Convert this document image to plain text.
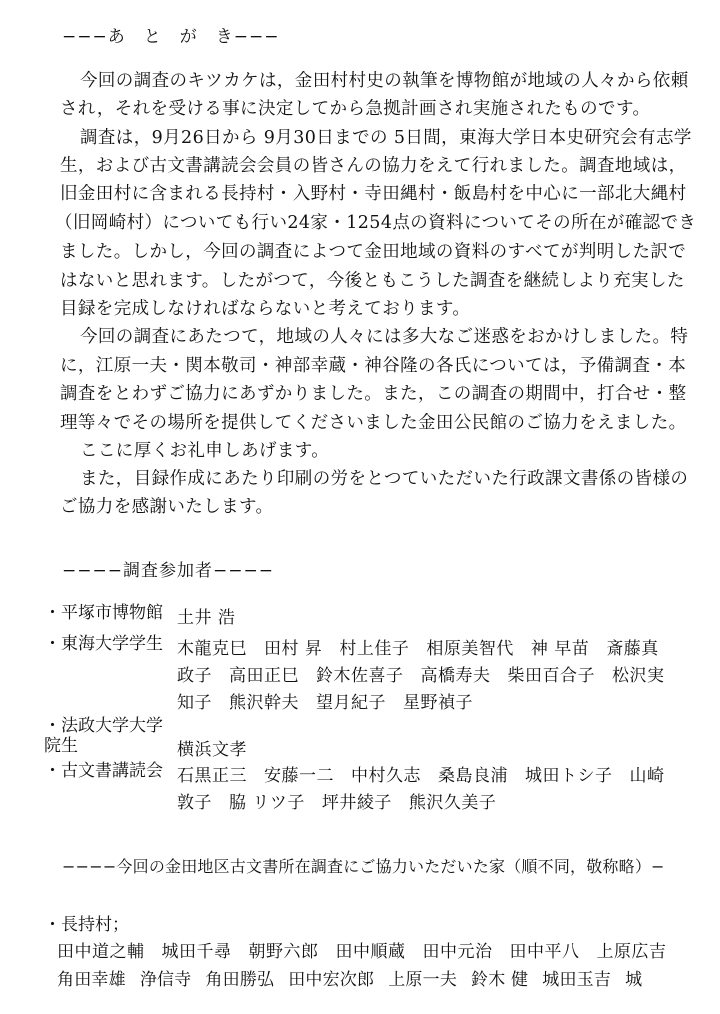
−−−あ　と　が　き−−−
今回の調査のキツカケは，金田村村史の執筆を博物館が地域の人々から依頼
され，それを受ける事に決定してから急拠計画され実施されたものです。
調査は，9月26日から 9月30日までの 5日間，東海大学日本史研究会有志学
生，および古文書講読会会員の皆さんの協力をえて行れました。調査地域は，
旧金田村に含まれる長持村・入野村・寺田縄村・飯島村を中心に一部北大縄村
（旧岡崎村）についても行い24家・1254点の資料についてその所在が確認でき
ました。しかし，今回の調査によつて金田地域の資料のすべてが判明した訳で
はないと思れます。したがつて，今後ともこうした調査を継続しより充実した
目録を完成しなければならないと考えております。
今回の調査にあたつて，地域の人々には多大なご迷惑をおかけしました。特
に，江原一夫・関本敬司・神部幸蔵・神谷隆の各氏については，予備調査・本
調査をとわずご協力にあずかりました。また，この調査の期間中，打合せ・整
理等々でその場所を提供してくださいました金田公民館のご協力をえました。
ここに厚くお礼申しあげます。
また，目録作成にあたり印刷の労をとつていただいた行政課文書係の皆様の
ご協力を感謝いたします。
−−−−調査参加者−−−−
・平塚市博物館 土井 浩
・東海大学学生 木龍克巳 田村 昇 村上佳子 相原美智代 神 早苗 斎藤真
政子 高田正巳 鈴木佐喜子 高橋寿夫 柴田百合子 松沢実
知子 熊沢幹夫 望月紀子 星野禎子
・法政大学大学院生	横浜文孝
・古文書講読会 石黒正三 安藤一二 中村久志 桑島良浦 城田トシ子 山崎
敦子 脇 リツ子 坪井綾子 熊沢久美子
−−−−今回の金田地区古文書所在調査にご協力いただいた家（順不同，敬称略）−
・長持村；
田中道之輔 城田千尋 朝野六郎 田中順蔵 田中元治 田中平八 上原広吉
角田幸雄 浄信寺 角田勝弘 田中宏次郎 上原一夫 鈴木 健 城田玉吉 城
